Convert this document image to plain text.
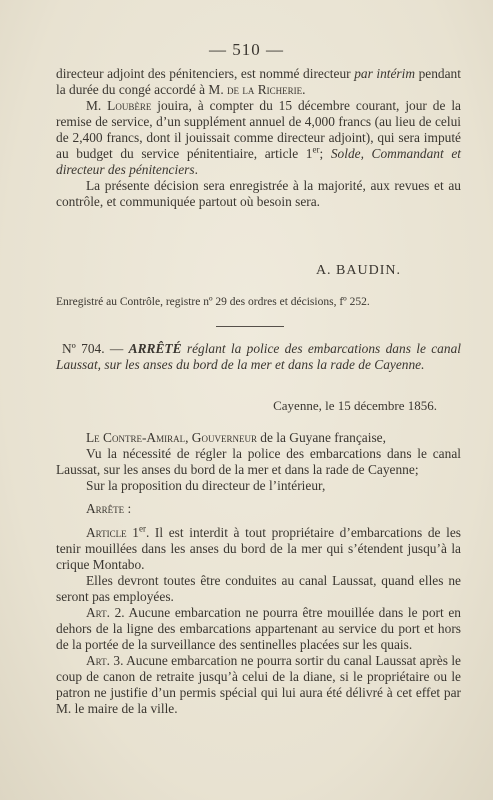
— 510 —

directeur adjoint des pénitenciers, est nommé directeur par intérim pendant la durée du congé accordé à M. de la Richerie.

M. Loubère jouira, à compter du 15 décembre courant, jour de la remise de service, d’un supplément annuel de 4,000 francs (au lieu de celui de 2,400 francs, dont il jouissait comme directeur adjoint), qui sera imputé au budget du service pénitentiaire, article 1er; Solde, Commandant et directeur des pénitenciers.

La présente décision sera enregistrée à la majorité, aux revues et au contrôle, et communiquée partout où besoin sera.

A. BAUDIN.
Enregistré au Contrôle, registre nº 29 des ordres et décisions, fº 252.
Nº 704. — ARRÊTÉ réglant la police des embarcations dans le canal Laussat, sur les anses du bord de la mer et dans la rade de Cayenne.
Cayenne, le 15 décembre 1856.

Le Contre-Amiral, Gouverneur de la Guyane française,

Vu la nécessité de régler la police des embarcations dans le canal Laussat, sur les anses du bord de la mer et dans la rade de Cayenne;

Sur la proposition du directeur de l’intérieur,

Arrête :

Article 1er. Il est interdit à tout propriétaire d’embarcations de les tenir mouillées dans les anses du bord de la mer qui s’étendent jusqu’à la crique Montabo.

Elles devront toutes être conduites au canal Laussat, quand elles ne seront pas employées.

Art. 2. Aucune embarcation ne pourra être mouillée dans le port en dehors de la ligne des embarcations appartenant au service du port et hors de la portée de la surveillance des sentinelles placées sur les quais.

Art. 3. Aucune embarcation ne pourra sortir du canal Laussat après le coup de canon de retraite jusqu’à celui de la diane, si le propriétaire ou le patron ne justifie d’un permis spécial qui lui aura été délivré à cet effet par M. le maire de la ville.
